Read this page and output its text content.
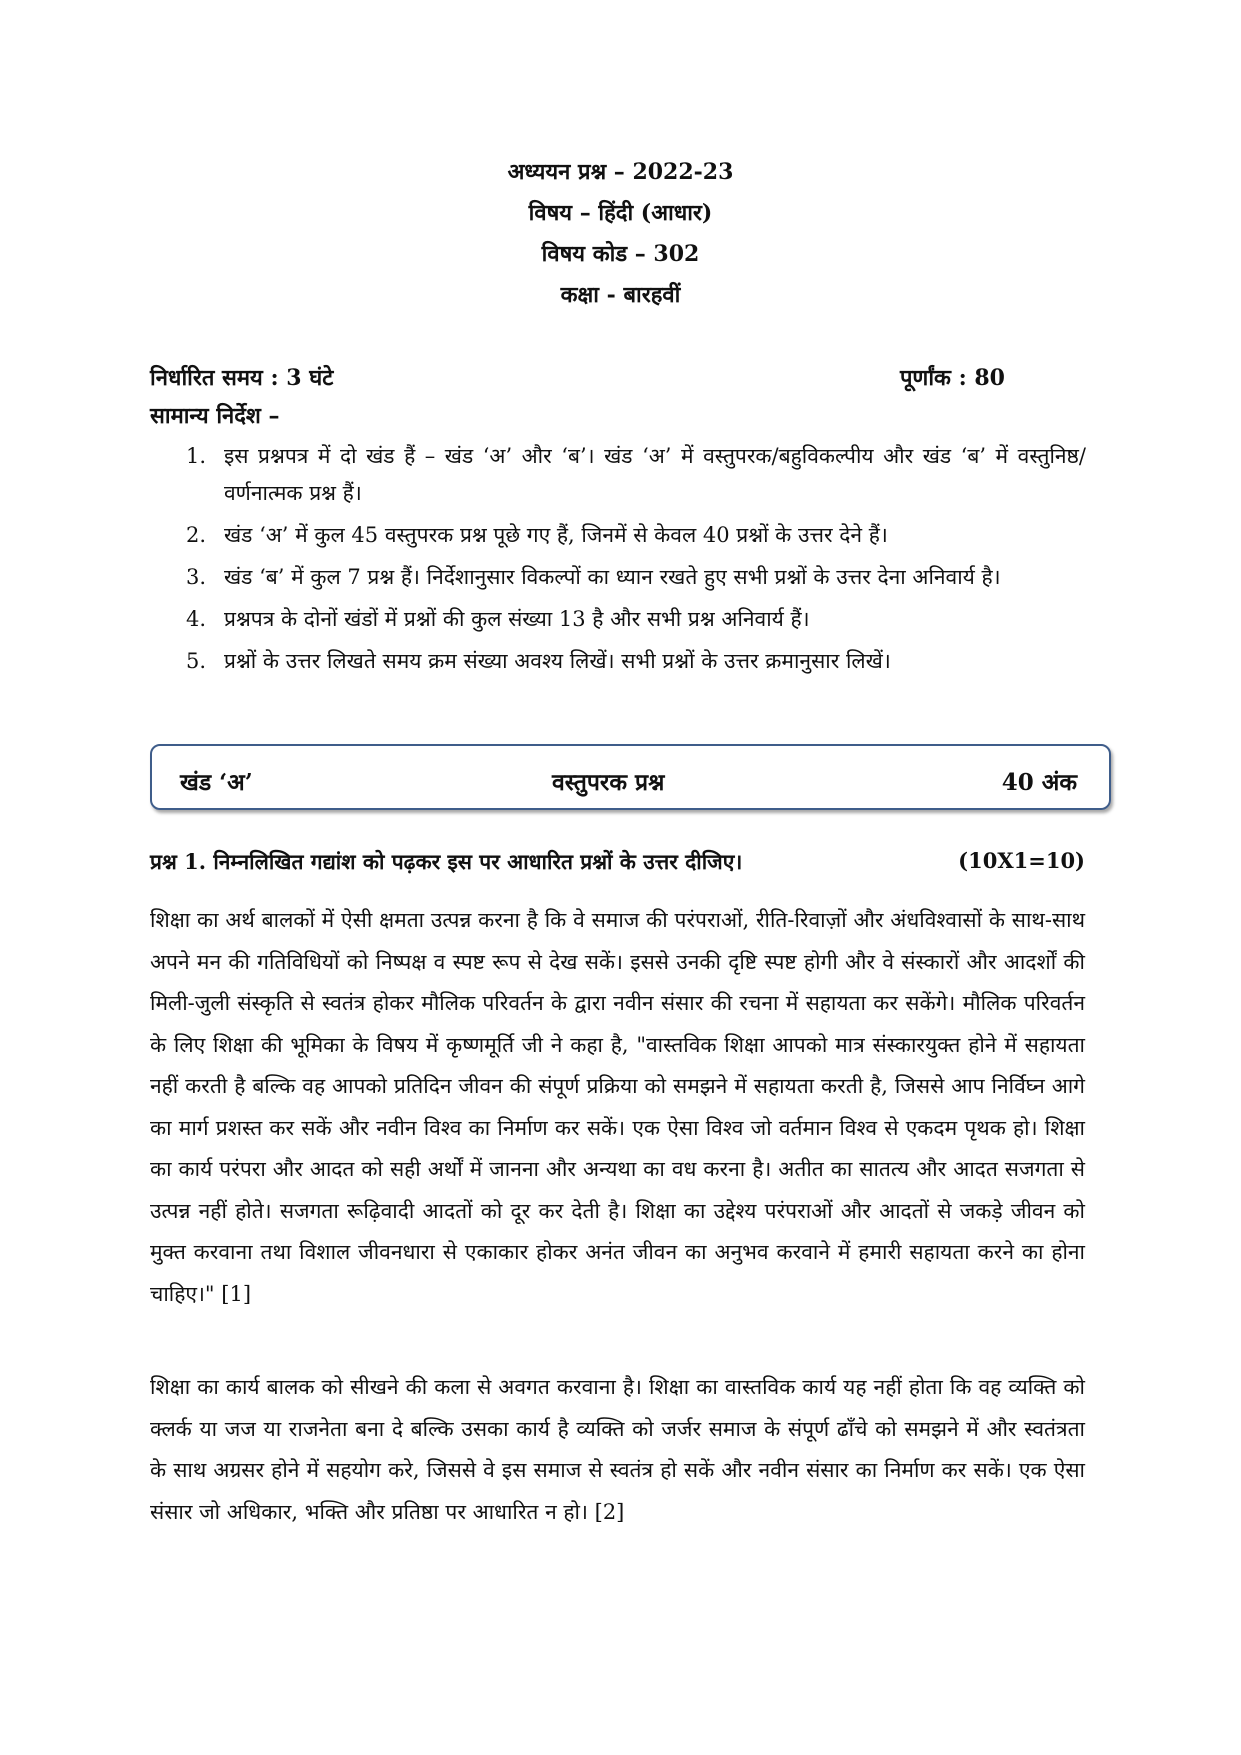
अध्ययन प्रश्न – 2022-23
विषय – हिंदी (आधार)
विषय कोड – 302
कक्षा - बारहवीं
निर्धारित समय : 3 घंटे	पूर्णांक : 80
सामान्य निर्देश –
1. इस प्रश्नपत्र में दो खंड हैं – खंड ‘अ’ और ‘ब’। खंड ‘अ’ में वस्तुपरक/बहुविकल्पीय और खंड ‘ब’ में वस्तुनिष्ठ/वर्णनात्मक प्रश्न हैं।
2. खंड ‘अ’ में कुल 45 वस्तुपरक प्रश्न पूछे गए हैं, जिनमें से केवल 40 प्रश्नों के उत्तर देने हैं।
3. खंड ‘ब’ में कुल 7 प्रश्न हैं। निर्देशानुसार विकल्पों का ध्यान रखते हुए सभी प्रश्नों के उत्तर देना अनिवार्य है।
4. प्रश्नपत्र के दोनों खंडों में प्रश्नों की कुल संख्या 13 है और सभी प्रश्न अनिवार्य हैं।
5. प्रश्नों के उत्तर लिखते समय क्रम संख्या अवश्य लिखें। सभी प्रश्नों के उत्तर क्रमानुसार लिखें।
खंड ‘अ’	वस्तुपरक प्रश्न	40 अंक
प्रश्न 1. निम्नलिखित गद्यांश को पढ़कर इस पर आधारित प्रश्नों के उत्तर दीजिए।	(10X1=10)

शिक्षा का अर्थ बालकों में ऐसी क्षमता उत्पन्न करना है कि वे समाज की परंपराओं, रीति-रिवाज़ों और अंधविश्वासों के साथ-साथ अपने मन की गतिविधियों को निष्पक्ष व स्पष्ट रूप से देख सकें। इससे उनकी दृष्टि स्पष्ट होगी और वे संस्कारों और आदर्शों की मिली-जुली संस्कृति से स्वतंत्र होकर मौलिक परिवर्तन के द्वारा नवीन संसार की रचना में सहायता कर सकेंगे। मौलिक परिवर्तन के लिए शिक्षा की भूमिका के विषय में कृष्णमूर्ति जी ने कहा है, "वास्तविक शिक्षा आपको मात्र संस्कारयुक्त होने में सहायता नहीं करती है बल्कि वह आपको प्रतिदिन जीवन की संपूर्ण प्रक्रिया को समझने में सहायता करती है, जिससे आप निर्विघ्न आगे का मार्ग प्रशस्त कर सकें और नवीन विश्व का निर्माण कर सकें। एक ऐसा विश्व जो वर्तमान विश्व से एकदम पृथक हो। शिक्षा का कार्य परंपरा और आदत को सही अर्थों में जानना और अन्यथा का वध करना है। अतीत का सातत्य और आदत सजगता से उत्पन्न नहीं होते। सजगता रूढ़िवादी आदतों को दूर कर देती है। शिक्षा का उद्देश्य परंपराओं और आदतों से जकड़े जीवन को मुक्त करवाना तथा विशाल जीवनधारा से एकाकार होकर अनंत जीवन का अनुभव करवाने में हमारी सहायता करने का होना चाहिए।" [1]

शिक्षा का कार्य बालक को सीखने की कला से अवगत करवाना है। शिक्षा का वास्तविक कार्य यह नहीं होता कि वह व्यक्ति को क्लर्क या जज या राजनेता बना दे बल्कि उसका कार्य है व्यक्ति को जर्जर समाज के संपूर्ण ढाँचे को समझने में और स्वतंत्रता के साथ अग्रसर होने में सहयोग करे, जिससे वे इस समाज से स्वतंत्र हो सकें और नवीन संसार का निर्माण कर सकें। एक ऐसा संसार जो अधिकार, भक्ति और प्रतिष्ठा पर आधारित न हो। [2]
